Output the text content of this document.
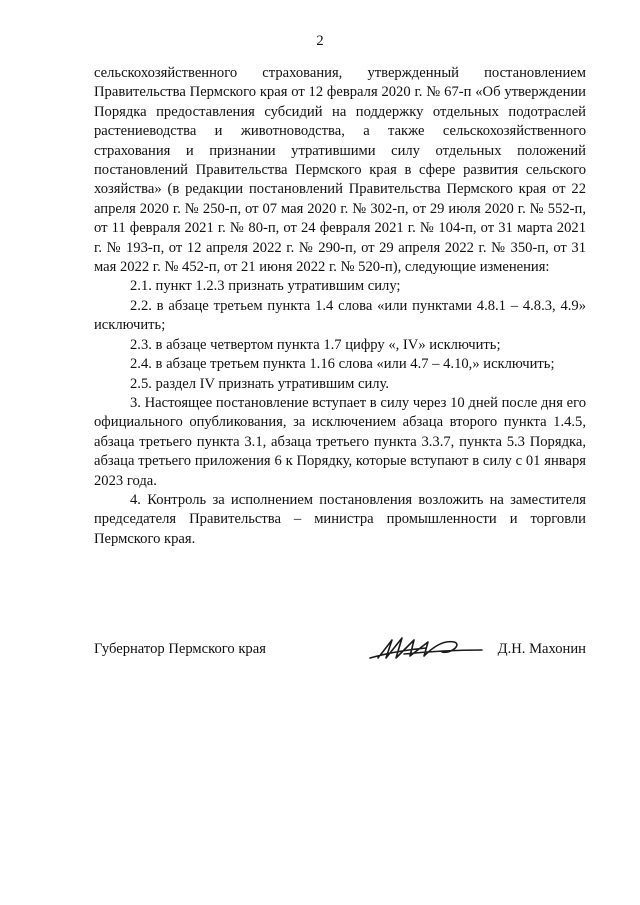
2

сельскохозяйственного страхования, утвержденный постановлением Правительства Пермского края от 12 февраля 2020 г. № 67-п «Об утверждении Порядка предоставления субсидий на поддержку отдельных подотраслей растениеводства и животноводства, а также сельскохозяйственного страхования и признании утратившими силу отдельных положений постановлений Правительства Пермского края в сфере развития сельского хозяйства» (в редакции постановлений Правительства Пермского края от 22 апреля 2020 г. № 250-п, от 07 мая 2020 г. № 302-п, от 29 июля 2020 г. № 552-п, от 11 февраля 2021 г. № 80-п, от 24 февраля 2021 г. № 104-п, от 31 марта 2021 г. № 193-п, от 12 апреля 2022 г. № 290-п, от 29 апреля 2022 г. № 350-п, от 31 мая 2022 г. № 452-п, от 21 июня 2022 г. № 520-п), следующие изменения:

2.1. пункт 1.2.3 признать утратившим силу;

2.2. в абзаце третьем пункта 1.4 слова «или пунктами 4.8.1 – 4.8.3, 4.9» исключить;

2.3. в абзаце четвертом пункта 1.7 цифру «, IV» исключить;

2.4. в абзаце третьем пункта 1.16 слова «или 4.7 – 4.10,» исключить;

2.5. раздел IV признать утратившим силу.

3. Настоящее постановление вступает в силу через 10 дней после дня его официального опубликования, за исключением абзаца второго пункта 1.4.5, абзаца третьего пункта 3.1, абзаца третьего пункта 3.3.7, пункта 5.3 Порядка, абзаца третьего приложения 6 к Порядку, которые вступают в силу с 01 января 2023 года.

4. Контроль за исполнением постановления возложить на заместителя председателя Правительства – министра промышленности и торговли Пермского края.

Губернатор Пермского края	Д.Н. Махонин
